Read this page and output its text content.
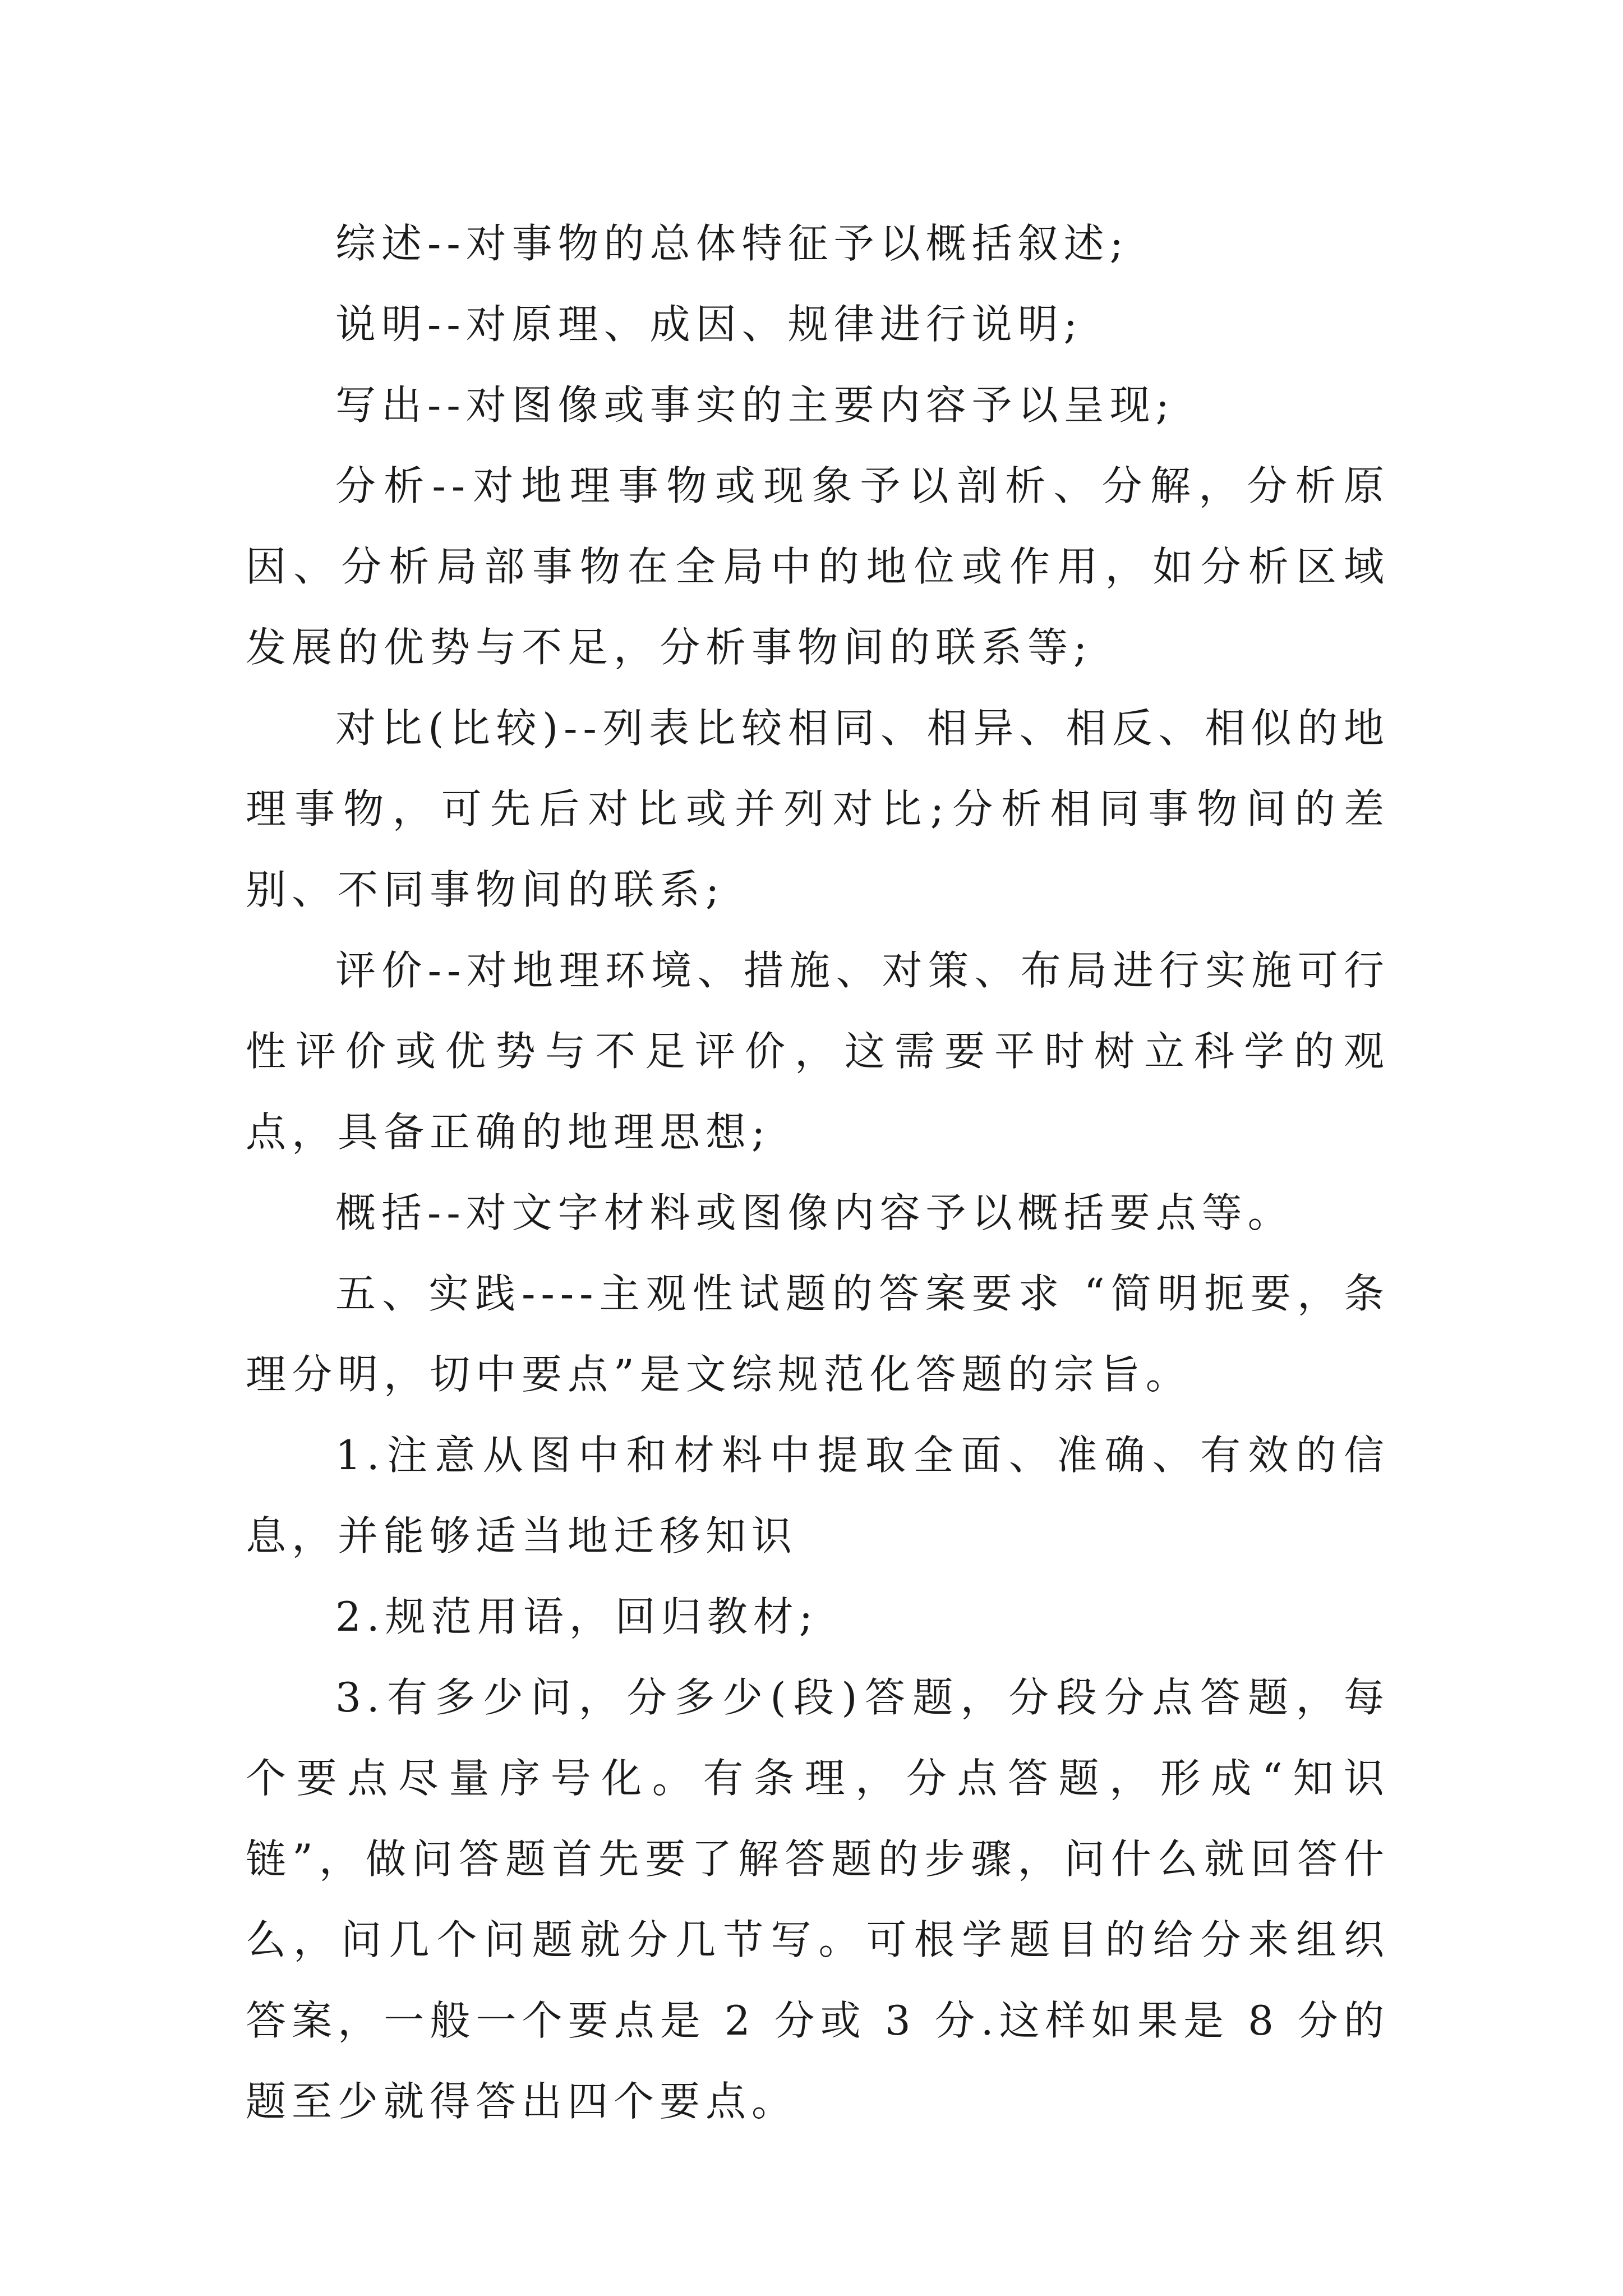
综述--对事物的总体特征予以概括叙述;

说明--对原理、成因、规律进行说明;

写出--对图像或事实的主要内容予以呈现;

分析--对地理事物或现象予以剖析、分解，分析原因、分析局部事物在全局中的地位或作用，如分析区域发展的优势与不足，分析事物间的联系等;

对比(比较)--列表比较相同、相异、相反、相似的地理事物，可先后对比或并列对比;分析相同事物间的差别、不同事物间的联系;

评价--对地理环境、措施、对策、布局进行实施可行性评价或优势与不足评价，这需要平时树立科学的观点，具备正确的地理思想;

概括--对文字材料或图像内容予以概括要点等。

五、实践----主观性试题的答案要求 “简明扼要，条理分明，切中要点”是文综规范化答题的宗旨。

1.注意从图中和材料中提取全面、准确、有效的信息，并能够适当地迁移知识

2.规范用语，回归教材;

3.有多少问，分多少(段)答题，分段分点答题，每个要点尽量序号化。有条理，分点答题，形成“知识链”，做问答题首先要了解答题的步骤，问什么就回答什么，问几个问题就分几节写。可根学题目的给分来组织答案，一般一个要点是 2 分或 3 分.这样如果是 8 分的题至少就得答出四个要点。
